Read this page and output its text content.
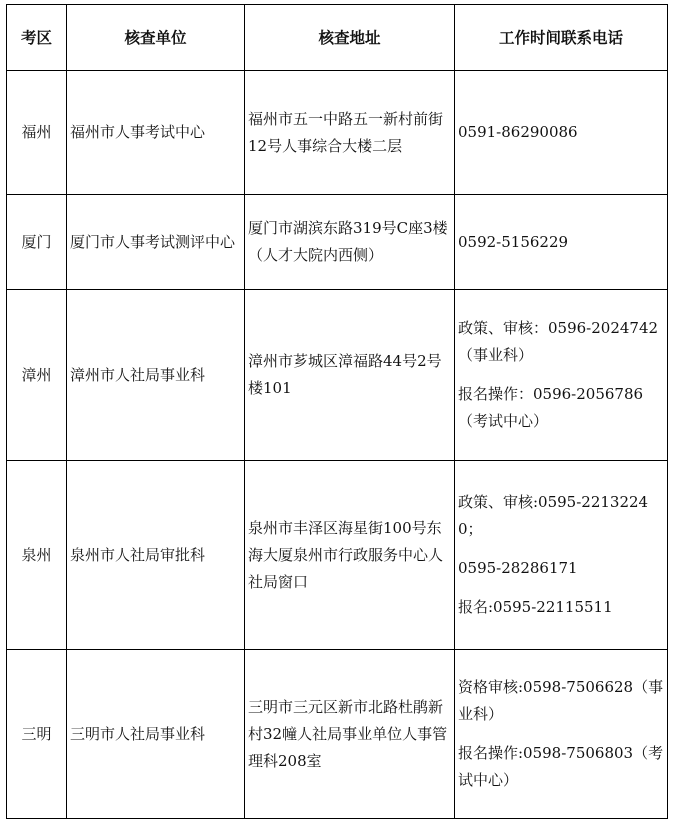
考区	核查单位	核查地址	工作时间联系电话
福州	福州市人事考试中心	福州市五一中路五一新村前街12号人事综合大楼二层	0591-86290086

厦门	厦门市人事考试测评中心	厦门市湖滨东路319号C座3楼（人才大院内西侧）	0592-5156229

漳州	漳州市人社局事业科	漳州市芗城区漳福路44号2号楼101	政策、审核：0596-2024742（事业科）
报名操作：0596-2056786（考试中心）

泉州	泉州市人社局审批科	泉州市丰泽区海星街100号东海大厦泉州市行政服务中心人社局窗口	政策、审核:0595-22132240；
0595-28286171
报名:0595-22115511

三明	三明市人社局事业科	三明市三元区新市北路杜鹃新村32幢人社局事业单位人事管理科208室	资格审核:0598-7506628（事业科）
报名操作:0598-7506803（考试中心）
